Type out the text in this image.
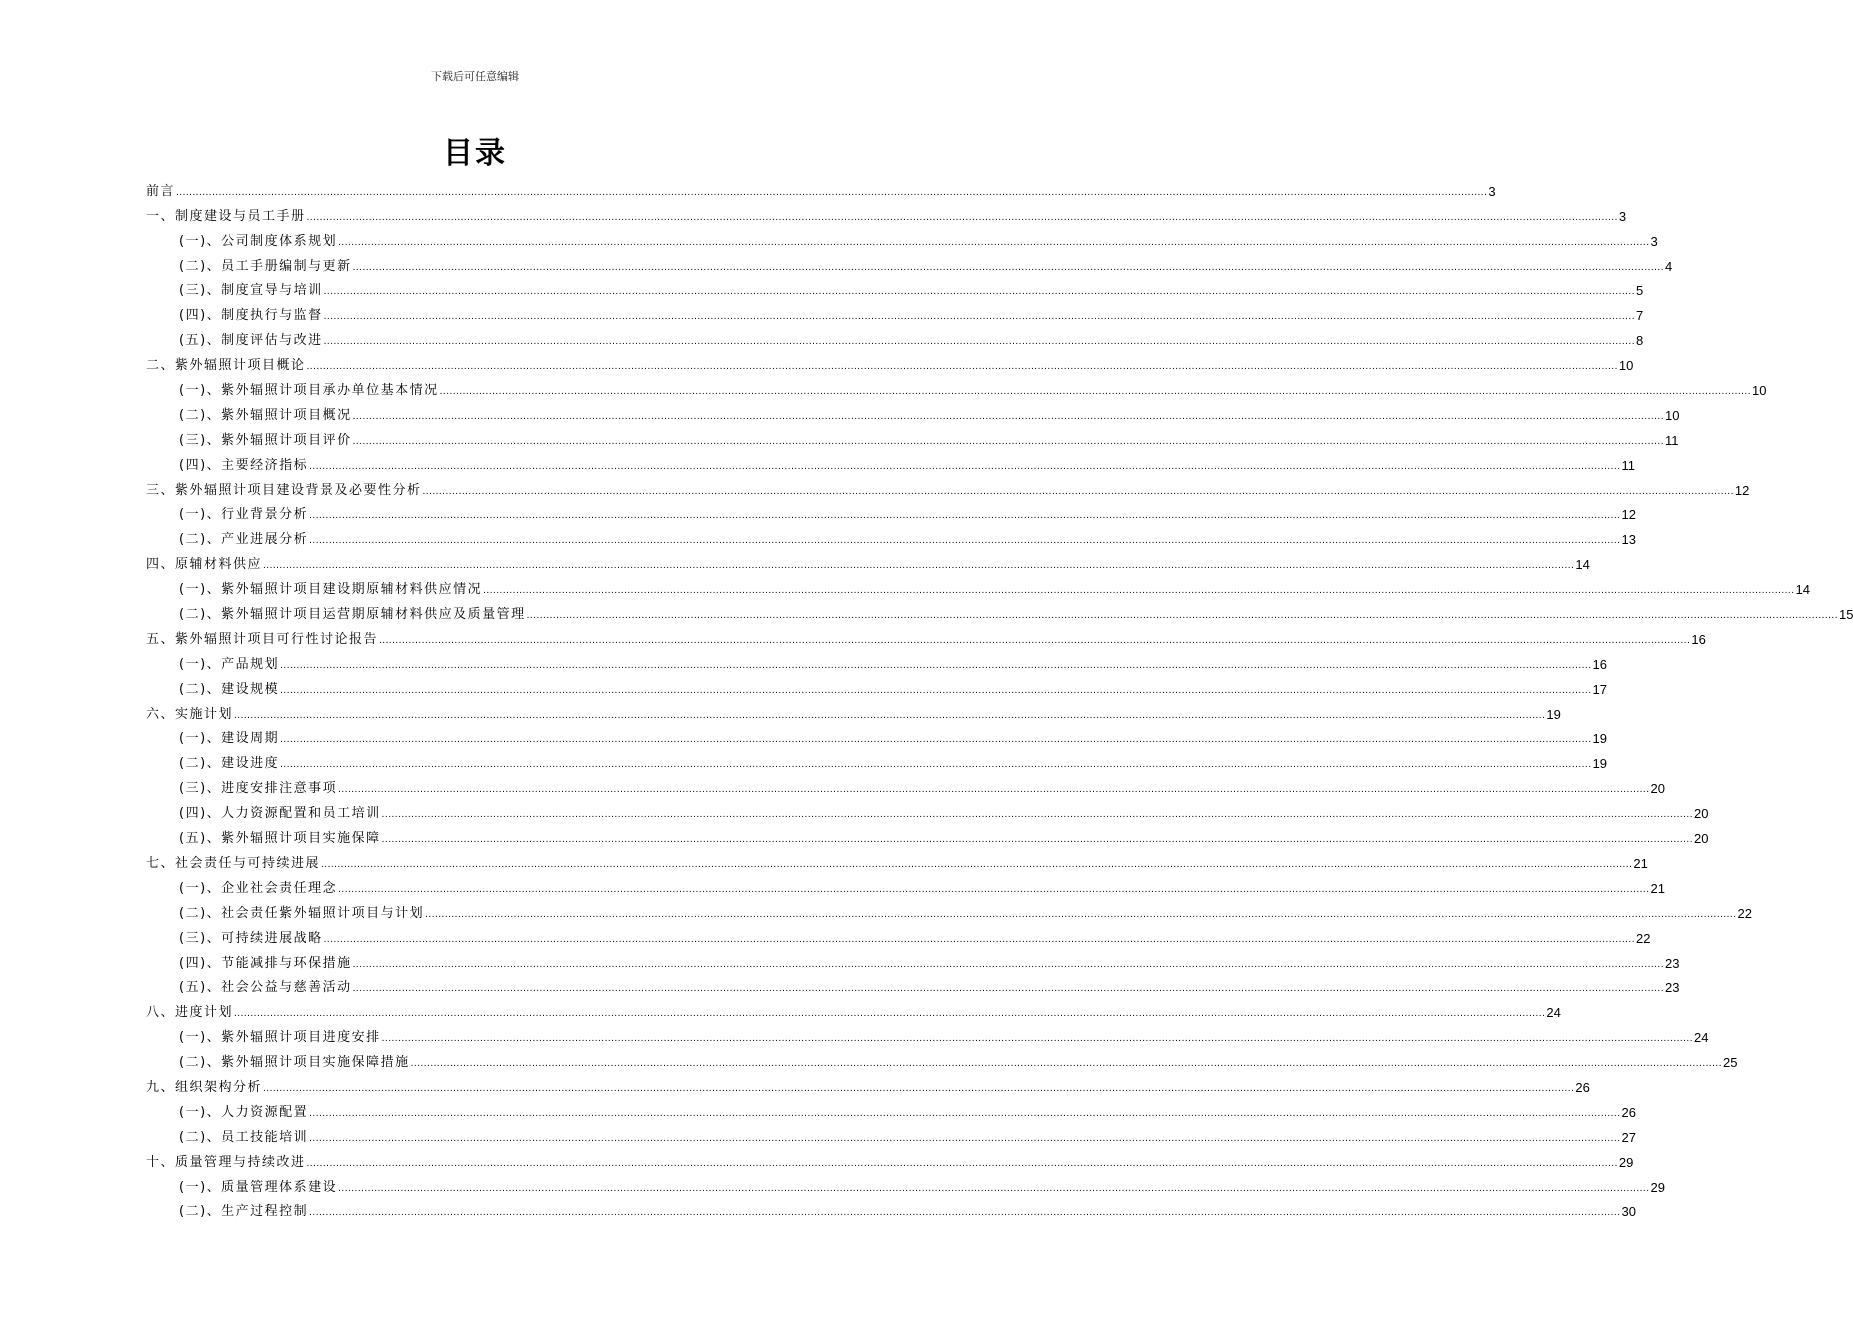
下载后可任意编辑
目录
前言 ................................................................................................................................................................................................................................................................................................................................................................................................................ 3
一、制度建设与员工手册 ................................................................................................................................................................................................................................................................................................................................................................................................................ 3
(一)、公司制度体系规划 ................................................................................................................................................................................................................................................................................................................................................................................................................ 3
(二)、员工手册编制与更新 ................................................................................................................................................................................................................................................................................................................................................................................................................ 4
(三)、制度宣导与培训 ................................................................................................................................................................................................................................................................................................................................................................................................................ 5
(四)、制度执行与监督 ................................................................................................................................................................................................................................................................................................................................................................................................................ 7
(五)、制度评估与改进 ................................................................................................................................................................................................................................................................................................................................................................................................................ 8
二、紫外辐照计项目概论 ................................................................................................................................................................................................................................................................................................................................................................................................................ 10
(一)、紫外辐照计项目承办单位基本情况 ................................................................................................................................................................................................................................................................................................................................................................................................................ 10
(二)、紫外辐照计项目概况 ................................................................................................................................................................................................................................................................................................................................................................................................................ 10
(三)、紫外辐照计项目评价 ................................................................................................................................................................................................................................................................................................................................................................................................................ 11
(四)、主要经济指标 ................................................................................................................................................................................................................................................................................................................................................................................................................ 11
三、紫外辐照计项目建设背景及必要性分析 ................................................................................................................................................................................................................................................................................................................................................................................................................ 12
(一)、行业背景分析 ................................................................................................................................................................................................................................................................................................................................................................................................................ 12
(二)、产业进展分析 ................................................................................................................................................................................................................................................................................................................................................................................................................ 13
四、原辅材料供应 ................................................................................................................................................................................................................................................................................................................................................................................................................ 14
(一)、紫外辐照计项目建设期原辅材料供应情况 ................................................................................................................................................................................................................................................................................................................................................................................................................ 14
(二)、紫外辐照计项目运营期原辅材料供应及质量管理 ................................................................................................................................................................................................................................................................................................................................................................................................................ 15
五、紫外辐照计项目可行性讨论报告 ................................................................................................................................................................................................................................................................................................................................................................................................................ 16
(一)、产品规划 ................................................................................................................................................................................................................................................................................................................................................................................................................ 16
(二)、建设规模 ................................................................................................................................................................................................................................................................................................................................................................................................................ 17
六、实施计划 ................................................................................................................................................................................................................................................................................................................................................................................................................ 19
(一)、建设周期 ................................................................................................................................................................................................................................................................................................................................................................................................................ 19
(二)、建设进度 ................................................................................................................................................................................................................................................................................................................................................................................................................ 19
(三)、进度安排注意事项 ................................................................................................................................................................................................................................................................................................................................................................................................................ 20
(四)、人力资源配置和员工培训 ................................................................................................................................................................................................................................................................................................................................................................................................................ 20
(五)、紫外辐照计项目实施保障 ................................................................................................................................................................................................................................................................................................................................................................................................................ 20
七、社会责任与可持续进展 ................................................................................................................................................................................................................................................................................................................................................................................................................ 21
(一)、企业社会责任理念 ................................................................................................................................................................................................................................................................................................................................................................................................................ 21
(二)、社会责任紫外辐照计项目与计划 ................................................................................................................................................................................................................................................................................................................................................................................................................ 22
(三)、可持续进展战略 ................................................................................................................................................................................................................................................................................................................................................................................................................ 22
(四)、节能减排与环保措施 ................................................................................................................................................................................................................................................................................................................................................................................................................ 23
(五)、社会公益与慈善活动 ................................................................................................................................................................................................................................................................................................................................................................................................................ 23
八、进度计划 ................................................................................................................................................................................................................................................................................................................................................................................................................ 24
(一)、紫外辐照计项目进度安排 ................................................................................................................................................................................................................................................................................................................................................................................................................ 24
(二)、紫外辐照计项目实施保障措施 ................................................................................................................................................................................................................................................................................................................................................................................................................ 25
九、组织架构分析 ................................................................................................................................................................................................................................................................................................................................................................................................................ 26
(一)、人力资源配置 ................................................................................................................................................................................................................................................................................................................................................................................................................ 26
(二)、员工技能培训 ................................................................................................................................................................................................................................................................................................................................................................................................................ 27
十、质量管理与持续改进 ................................................................................................................................................................................................................................................................................................................................................................................................................ 29
(一)、质量管理体系建设 ................................................................................................................................................................................................................................................................................................................................................................................................................ 29
(二)、生产过程控制 ................................................................................................................................................................................................................................................................................................................................................................................................................ 30
